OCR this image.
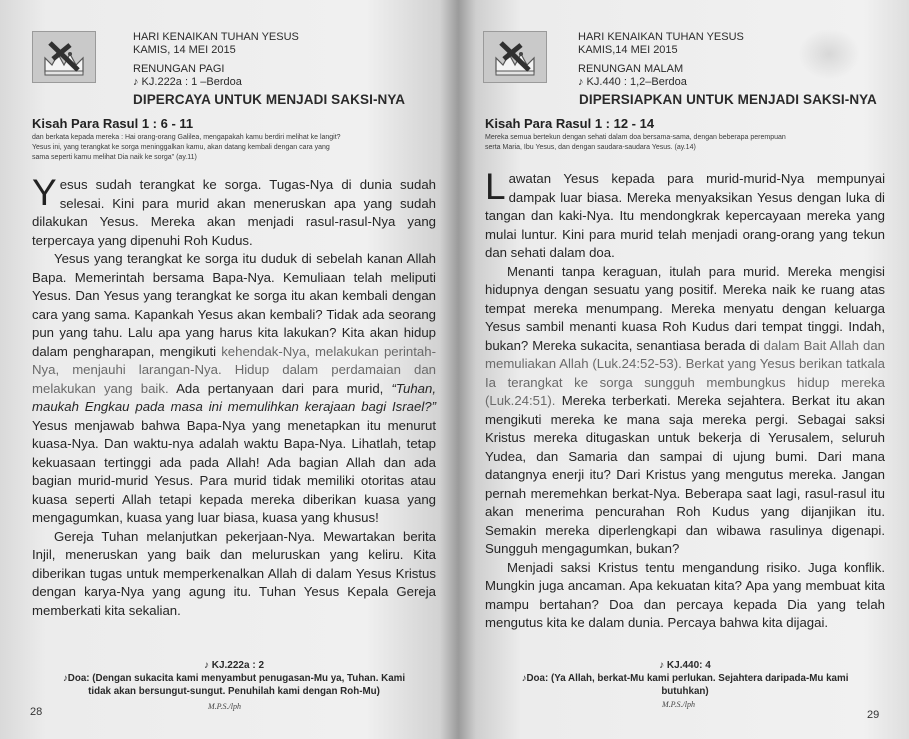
HARI KENAIKAN TUHAN YESUS
KAMIS, 14 MEI 2015
RENUNGAN PAGI
♪ KJ.222a : 1 –Berdoa
DIPERCAYA UNTUK MENJADI SAKSI-NYA
Kisah Para Rasul 1 : 6 - 11
dan berkata kepada mereka : Hai orang-orang Galilea, mengapakah kamu berdiri melihat ke langit?
Yesus ini, yang terangkat ke sorga meninggalkan kamu, akan datang kembali dengan cara yang
sama seperti kamu melihat Dia naik ke sorga" (ay.11)

Yesus sudah terangkat ke sorga. Tugas-Nya di dunia sudah selesai. Kini para murid akan meneruskan apa yang sudah dilakukan Yesus. Mereka akan menjadi rasul-rasul-Nya yang terpercaya yang dipenuhi Roh Kudus.

Yesus yang terangkat ke sorga itu duduk di sebelah kanan Allah Bapa. Memerintah bersama Bapa-Nya. Kemuliaan telah meliputi Yesus. Dan Yesus yang terangkat ke sorga itu akan kembali dengan cara yang sama. Kapankah Yesus akan kembali? Tidak ada seorang pun yang tahu. Lalu apa yang harus kita lakukan? Kita akan hidup dalam pengharapan, mengikuti kehendak-Nya, melakukan perintah-Nya, menjauhi larangan-Nya. Hidup dalam perdamaian dan melakukan yang baik. Ada pertanyaan dari para murid, “Tuhan, maukah Engkau pada masa ini memulihkan kerajaan bagi Israel?” Yesus menjawab bahwa Bapa-Nya yang menetapkan itu menurut kuasa-Nya. Dan waktu-nya adalah waktu Bapa-Nya. Lihatlah, tetap kekuasaan tertinggi ada pada Allah! Ada bagian Allah dan ada bagian murid-murid Yesus. Para murid tidak memiliki otoritas atau kuasa seperti Allah tetapi kepada mereka diberikan kuasa yang mengagumkan, kuasa yang luar biasa, kuasa yang khusus!

Gereja Tuhan melanjutkan pekerjaan-Nya. Mewartakan berita Injil, meneruskan yang baik dan meluruskan yang keliru. Kita diberikan tugas untuk memperkenalkan Allah di dalam Yesus Kristus dengan karya-Nya yang agung itu. Tuhan Yesus Kepala Gereja memberkati kita sekalian.

♪ KJ.222a : 2
♪Doa: (Dengan sukacita kami menyambut penugasan-Mu ya, Tuhan. Kami
tidak akan bersungut-sungut. Penuhilah kami dengan Roh-Mu)
M.P.S./lph
28
HARI KENAIKAN TUHAN YESUS
KAMIS,14 MEI 2015
RENUNGAN MALAM
♪ KJ.440 : 1,2–Berdoa
DIPERSIAPKAN UNTUK MENJADI SAKSI-NYA
Kisah Para Rasul 1 : 12 - 14
Mereka semua bertekun dengan sehati dalam doa bersama-sama, dengan beberapa perempuan
serta Maria, Ibu Yesus, dan dengan saudara-saudara Yesus. (ay.14)

Lawatan Yesus kepada para murid-murid-Nya mempunyai dampak luar biasa. Mereka menyaksikan Yesus dengan luka di tangan dan kaki-Nya. Itu mendongkrak kepercayaan mereka yang mulai luntur. Kini para murid telah menjadi orang-orang yang tekun dan sehati dalam doa.

Menanti tanpa keraguan, itulah para murid. Mereka mengisi hidupnya dengan sesuatu yang positif. Mereka naik ke ruang atas tempat mereka menumpang. Mereka menyatu dengan keluarga Yesus sambil menanti kuasa Roh Kudus dari tempat tinggi. Indah, bukan? Mereka sukacita, senantiasa berada di dalam Bait Allah dan memuliakan Allah (Luk.24:52-53). Berkat yang Yesus berikan tatkala Ia terangkat ke sorga sungguh membungkus hidup mereka (Luk.24:51). Mereka terberkati. Mereka sejahtera. Berkat itu akan mengikuti mereka ke mana saja mereka pergi. Sebagai saksi Kristus mereka ditugaskan untuk bekerja di Yerusalem, seluruh Yudea, dan Samaria dan sampai di ujung bumi. Dari mana datangnya enerji itu? Dari Kristus yang mengutus mereka. Jangan pernah meremehkan berkat-Nya. Beberapa saat lagi, rasul-rasul itu akan menerima pencurahan Roh Kudus yang dijanjikan itu. Semakin mereka diperlengkapi dan wibawa rasulinya digenapi. Sungguh mengagumkan, bukan?

Menjadi saksi Kristus tentu mengandung risiko. Juga konflik. Mungkin juga ancaman. Apa kekuatan kita? Apa yang membuat kita mampu bertahan? Doa dan percaya kepada Dia yang telah mengutus kita ke dalam dunia. Percaya bahwa kita dijagai.

♪ KJ.440: 4
♪Doa: (Ya Allah, berkat-Mu kami perlukan. Sejahtera daripada-Mu kami
butuhkan)
M.P.S./lph
29
